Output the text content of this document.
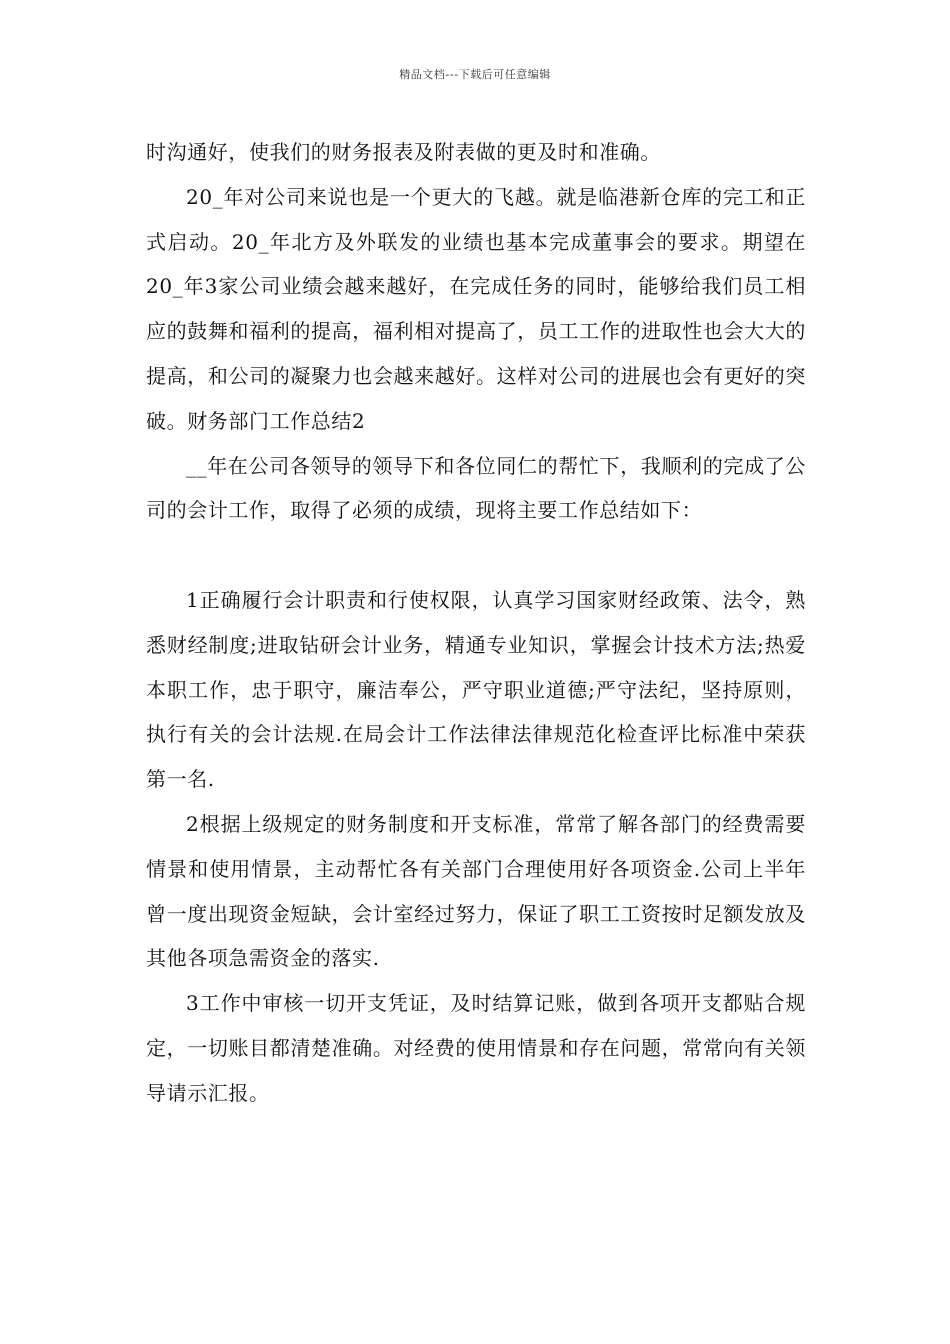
精品文档---下载后可任意编辑

时沟通好，使我们的财务报表及附表做的更及时和准确。

20_年对公司来说也是一个更大的飞越。就是临港新仓库的完工和正式启动。20_年北方及外联发的业绩也基本完成董事会的要求。期望在20_年3家公司业绩会越来越好，在完成任务的同时，能够给我们员工相应的鼓舞和福利的提高，福利相对提高了，员工工作的进取性也会大大的提高，和公司的凝聚力也会越来越好。这样对公司的进展也会有更好的突破。财务部门工作总结2

__年在公司各领导的领导下和各位同仁的帮忙下，我顺利的完成了公司的会计工作，取得了必须的成绩，现将主要工作总结如下：

1正确履行会计职责和行使权限，认真学习国家财经政策、法令，熟悉财经制度;进取钻研会计业务，精通专业知识，掌握会计技术方法;热爱本职工作，忠于职守，廉洁奉公，严守职业道德;严守法纪，坚持原则，执行有关的会计法规.在局会计工作法律法律规范化检查评比标准中荣获第一名.

2根据上级规定的财务制度和开支标准，常常了解各部门的经费需要情景和使用情景，主动帮忙各有关部门合理使用好各项资金.公司上半年曾一度出现资金短缺，会计室经过努力，保证了职工工资按时足额发放及其他各项急需资金的落实.

3工作中审核一切开支凭证，及时结算记账，做到各项开支都贴合规定，一切账目都清楚准确。对经费的使用情景和存在问题，常常向有关领导请示汇报。
